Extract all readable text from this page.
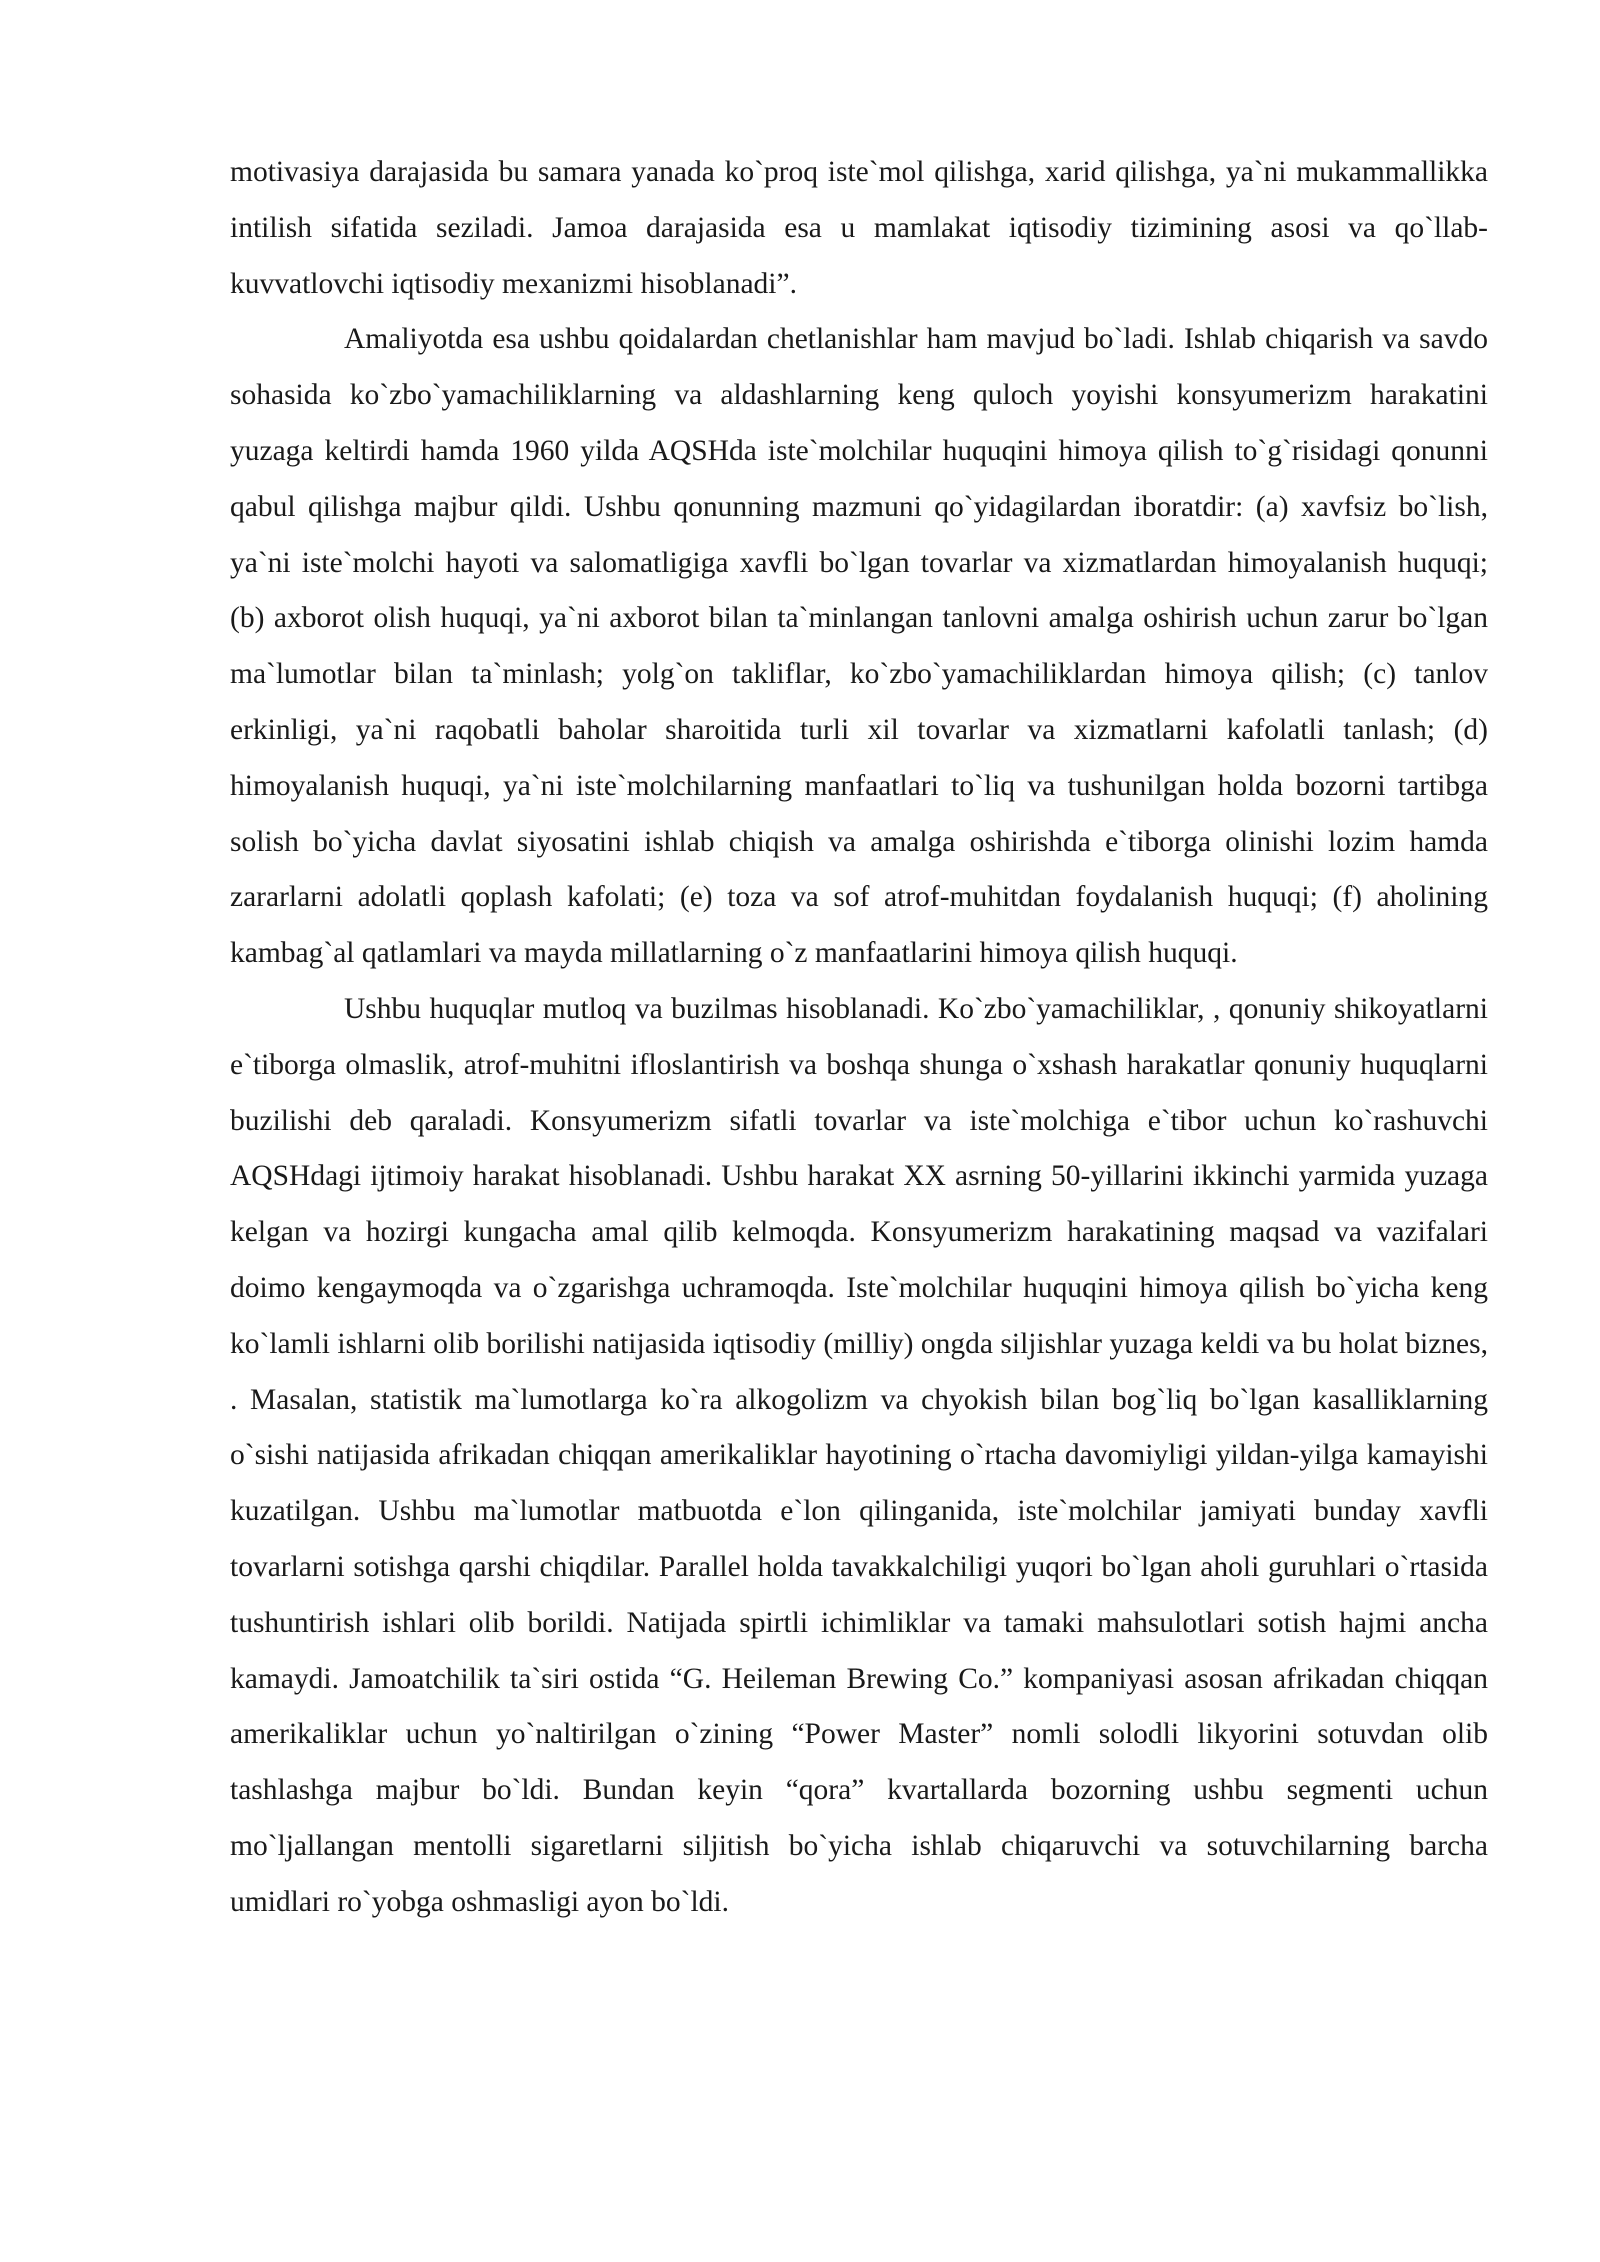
motivasiya darajasida bu samara yanada ko`proq iste`mol qilishga, xarid qilishga, ya`ni mukammallikka intilish sifatida seziladi. Jamoa darajasida esa u mamlakat iqtisodiy tizimining asosi va qo`llab-kuvvatlovchi iqtisodiy mexanizmi hisoblanadi”.

Amaliyotda esa ushbu qoidalardan chetlanishlar ham mavjud bo`ladi. Ishlab chiqarish va savdo sohasida ko`zbo`yamachiliklarning va aldashlarning keng quloch yoyishi konsyumerizm harakatini yuzaga keltirdi hamda 1960 yilda AQSHda iste`molchilar huquqini himoya qilish to`g`risidagi qonunni qabul qilishga majbur qildi. Ushbu qonunning mazmuni qo`yidagilardan iboratdir: (a) xavfsiz bo`lish, ya`ni iste`molchi hayoti va salomatligiga xavfli bo`lgan tovarlar va xizmatlardan himoyalanish huquqi; (b) axborot olish huquqi, ya`ni axborot bilan ta`minlangan tanlovni amalga oshirish uchun zarur bo`lgan ma`lumotlar bilan ta`minlash; yolg`on takliflar, ko`zbo`yamachiliklardan himoya qilish; (c) tanlov erkinligi, ya`ni raqobatli baholar sharoitida turli xil tovarlar va xizmatlarni kafolatli tanlash; (d) himoyalanish huquqi, ya`ni iste`molchilarning manfaatlari to`liq va tushunilgan holda bozorni tartibga solish bo`yicha davlat siyosatini ishlab chiqish va amalga oshirishda e`tiborga olinishi lozim hamda zararlarni adolatli qoplash kafolati; (e) toza va sof atrof-muhitdan foydalanish huquqi; (f) aholining kambag`al qatlamlari va mayda millatlarning o`z manfaatlarini himoya qilish huquqi.

Ushbu huquqlar mutloq va buzilmas hisoblanadi. Ko`zbo`yamachiliklar, , qonuniy shikoyatlarni e`tiborga olmaslik, atrof-muhitni ifloslantirish va boshqa shunga o`xshash harakatlar qonuniy huquqlarni buzilishi deb qaraladi. Konsyumerizm sifatli tovarlar va iste`molchiga e`tibor uchun ko`rashuvchi AQSHdagi ijtimoiy harakat hisoblanadi. Ushbu harakat XX asrning 50-yillarini ikkinchi yarmida yuzaga kelgan va hozirgi kungacha amal qilib kelmoqda. Konsyumerizm harakatining maqsad va vazifalari doimo kengaymoqda va o`zgarishga uchramoqda. Iste`molchilar huquqini himoya qilish bo`yicha keng ko`lamli ishlarni olib borilishi natijasida iqtisodiy (milliy) ongda siljishlar yuzaga keldi va bu holat biznes, . Masalan, statistik ma`lumotlarga ko`ra alkogolizm va chyokish bilan bog`liq bo`lgan kasalliklarning o`sishi natijasida afrikadan chiqqan amerikaliklar hayotining o`rtacha davomiyligi yildan-yilga kamayishi kuzatilgan. Ushbu ma`lumotlar matbuotda e`lon qilinganida, iste`molchilar jamiyati bunday xavfli tovarlarni sotishga qarshi chiqdilar. Parallel holda tavakkalchiligi yuqori bo`lgan aholi guruhlari o`rtasida tushuntirish ishlari olib borildi. Natijada spirtli ichimliklar va tamaki mahsulotlari sotish hajmi ancha kamaydi. Jamoatchilik ta`siri ostida “G. Heileman Brewing Co.” kompaniyasi asosan afrikadan chiqqan amerikaliklar uchun yo`naltirilgan o`zining “Power Master” nomli solodli likyorini sotuvdan olib tashlashga majbur bo`ldi. Bundan keyin “qora” kvartallarda bozorning ushbu segmenti uchun mo`ljallangan mentolli sigaretlarni siljitish bo`yicha ishlab chiqaruvchi va sotuvchilarning barcha umidlari ro`yobga oshmasligi ayon bo`ldi.
